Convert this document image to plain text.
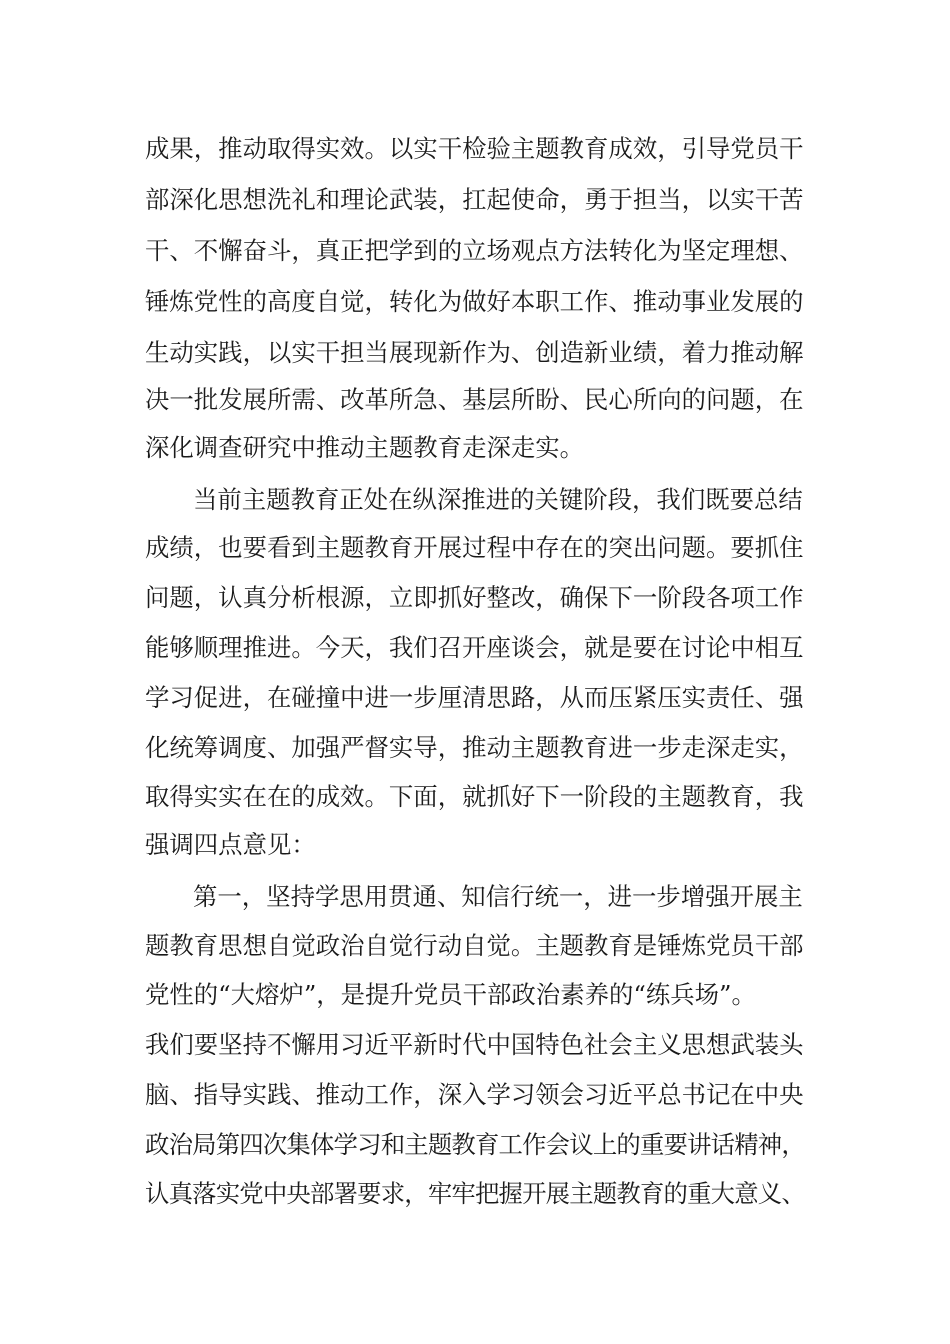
成果，推动取得实效。以实干检验主题教育成效，引导党员干
部深化思想洗礼和理论武装，扛起使命，勇于担当，以实干苦
干、不懈奋斗，真正把学到的立场观点方法转化为坚定理想、
锤炼党性的高度自觉，转化为做好本职工作、推动事业发展的
生动实践，以实干担当展现新作为、创造新业绩，着力推动解
决一批发展所需、改革所急、基层所盼、民心所向的问题，在
深化调查研究中推动主题教育走深走实。
当前主题教育正处在纵深推进的关键阶段，我们既要总结
成绩，也要看到主题教育开展过程中存在的突出问题。要抓住
问题，认真分析根源，立即抓好整改，确保下一阶段各项工作
能够顺理推进。今天，我们召开座谈会，就是要在讨论中相互
学习促进，在碰撞中进一步厘清思路，从而压紧压实责任、强
化统筹调度、加强严督实导，推动主题教育进一步走深走实，
取得实实在在的成效。下面，就抓好下一阶段的主题教育，我
强调四点意见：
第一，坚持学思用贯通、知信行统一，进一步增强开展主
题教育思想自觉政治自觉行动自觉。主题教育是锤炼党员干部
党性的“大熔炉”，是提升党员干部政治素养的“练兵场”。
我们要坚持不懈用习近平新时代中国特色社会主义思想武装头
脑、指导实践、推动工作，深入学习领会习近平总书记在中央
政治局第四次集体学习和主题教育工作会议上的重要讲话精神，
认真落实党中央部署要求，牢牢把握开展主题教育的重大意义、
